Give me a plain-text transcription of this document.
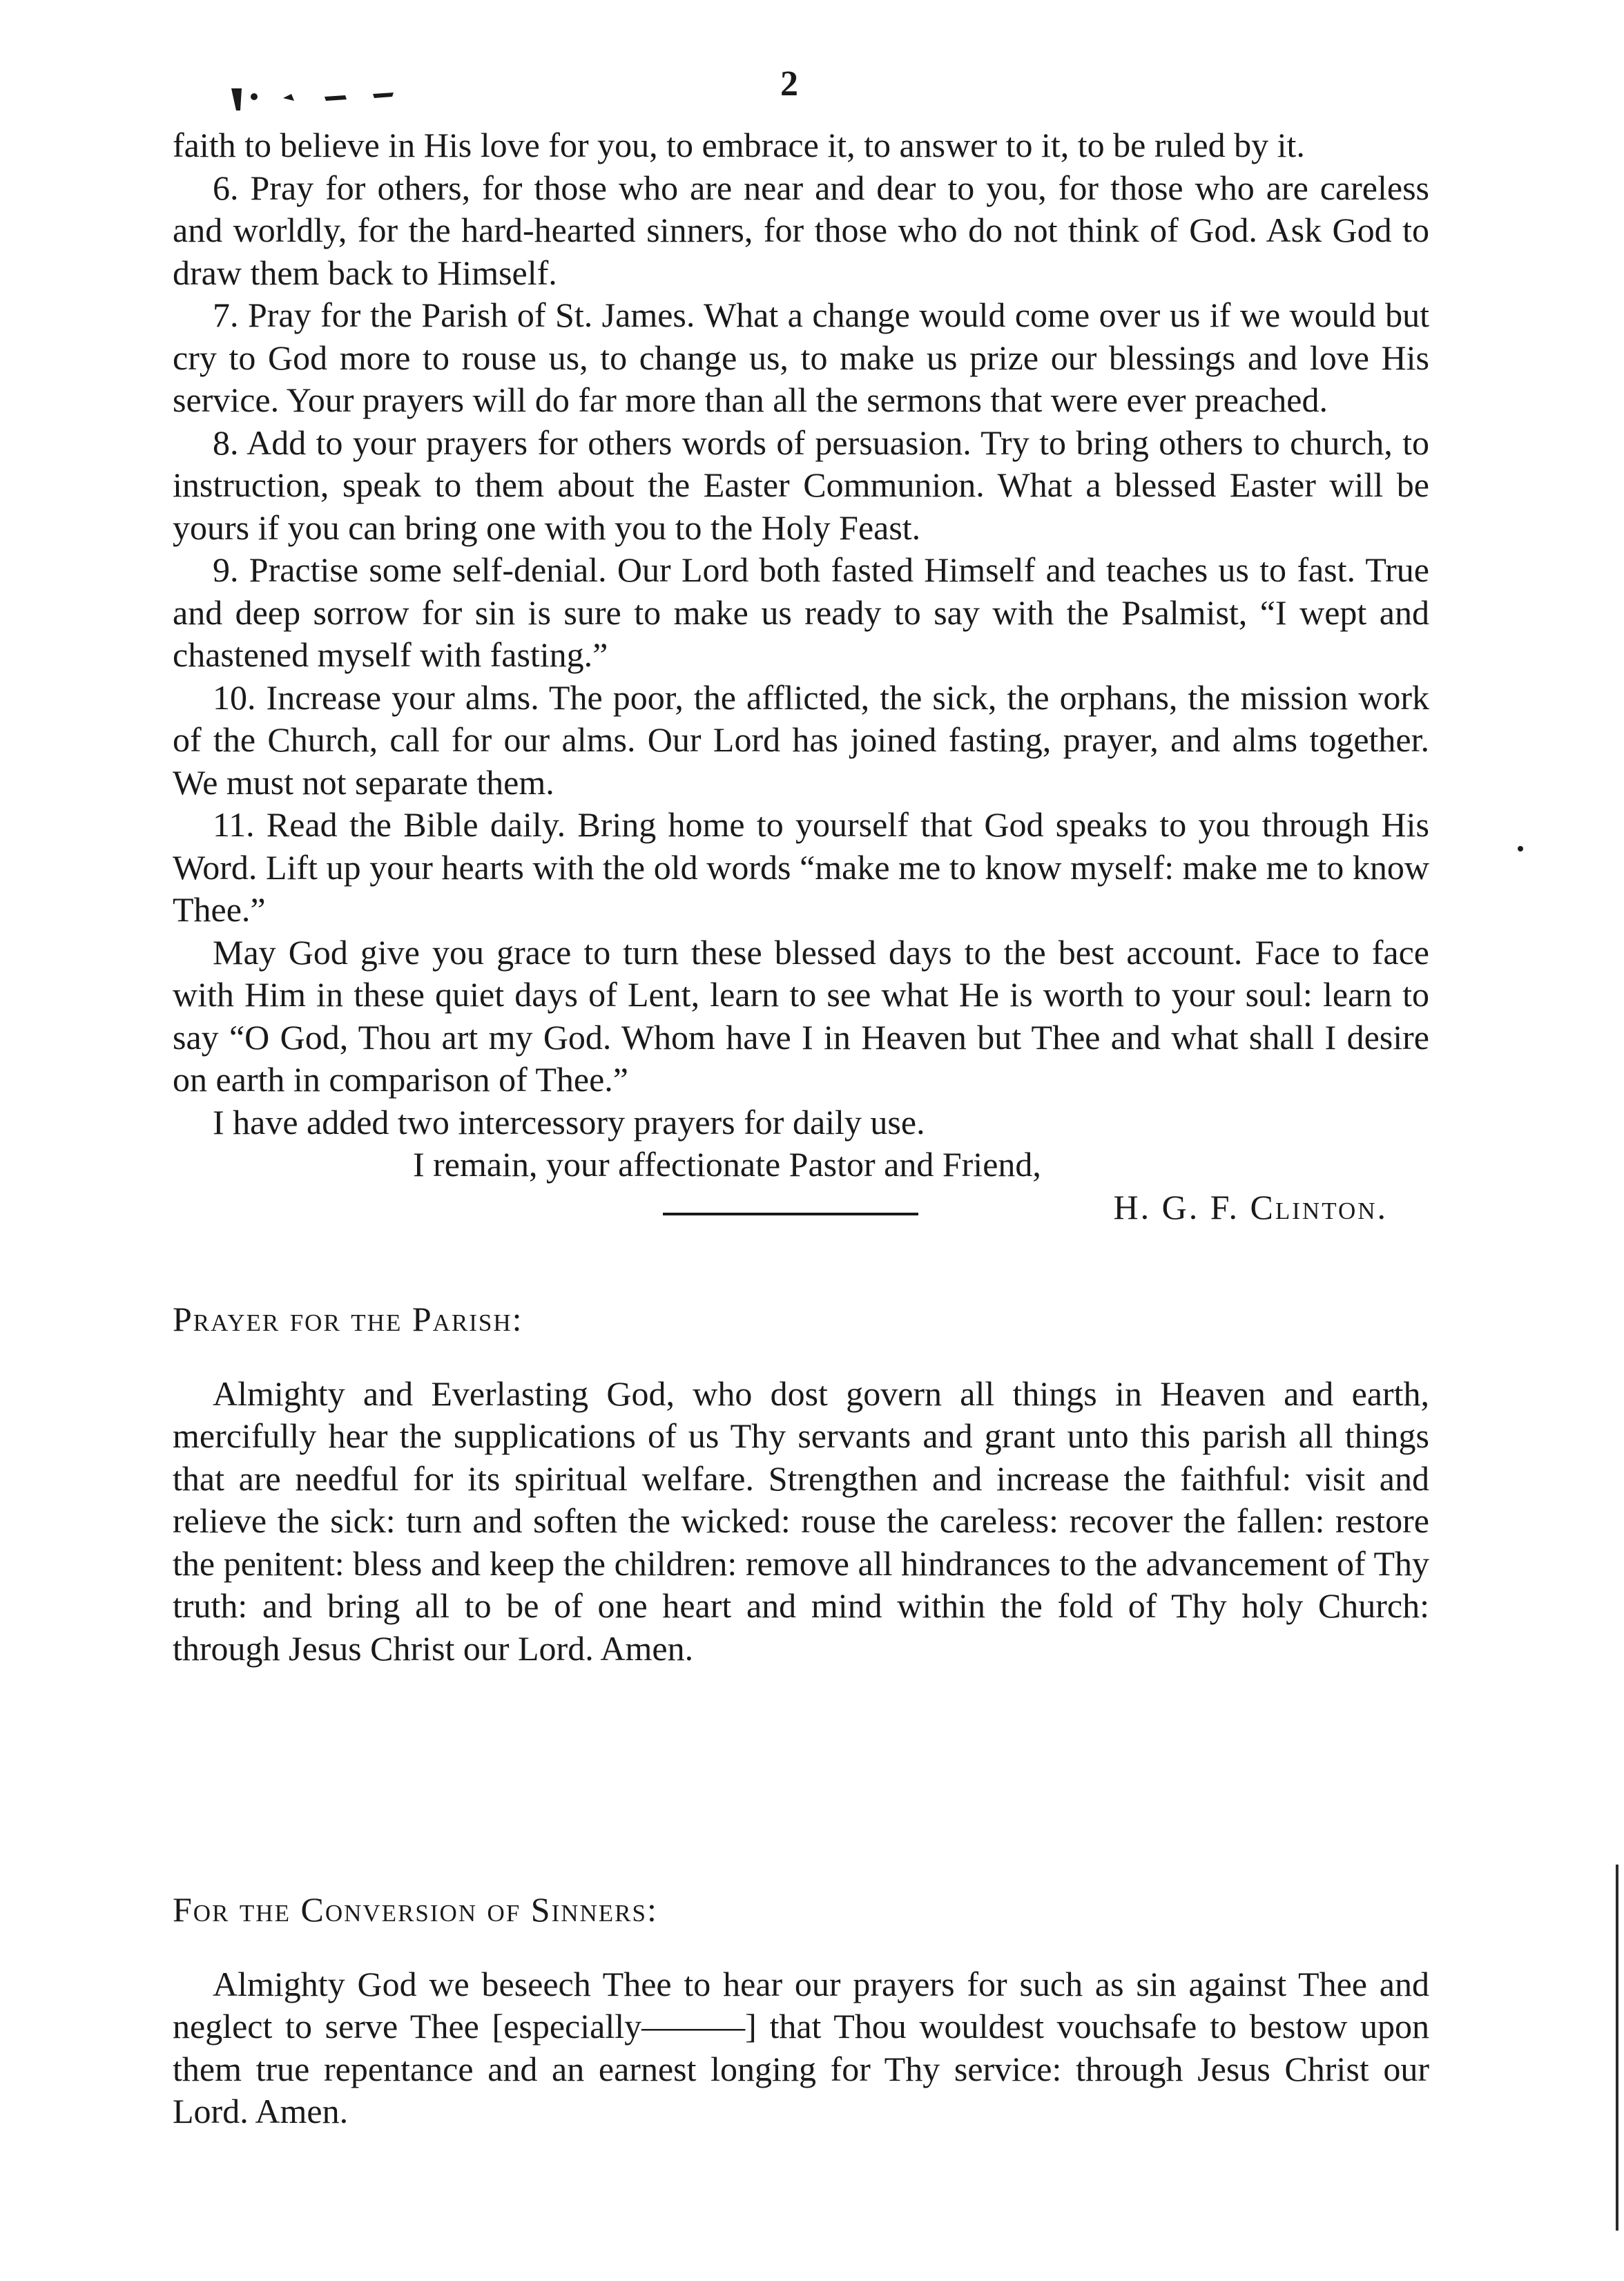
2

faith to believe in His love for you, to embrace it, to answer to it, to be ruled by it.

6. Pray for others, for those who are near and dear to you, for those who are careless and worldly, for the hard-hearted sinners, for those who do not think of God. Ask God to draw them back to Himself.

7. Pray for the Parish of St. James. What a change would come over us if we would but cry to God more to rouse us, to change us, to make us prize our blessings and love His service. Your prayers will do far more than all the sermons that were ever preached.

8. Add to your prayers for others words of persuasion. Try to bring others to church, to instruction, speak to them about the Easter Communion. What a blessed Easter will be yours if you can bring one with you to the Holy Feast.

9. Practise some self-denial. Our Lord both fasted Himself and teaches us to fast. True and deep sorrow for sin is sure to make us ready to say with the Psalmist, “I wept and chastened myself with fasting.”

10. Increase your alms. The poor, the afflicted, the sick, the orphans, the mission work of the Church, call for our alms. Our Lord has joined fasting, prayer, and alms together. We must not separate them.

11. Read the Bible daily. Bring home to yourself that God speaks to you through His Word. Lift up your hearts with the old words “make me to know myself: make me to know Thee.”

May God give you grace to turn these blessed days to the best account. Face to face with Him in these quiet days of Lent, learn to see what He is worth to your soul: learn to say “O God, Thou art my God. Whom have I in Heaven but Thee and what shall I desire on earth in comparison of Thee.”

I have added two intercessory prayers for daily use.

I remain, your affectionate Pastor and Friend,

H. G. F. Clinton.

Prayer for the Parish:

Almighty and Everlasting God, who dost govern all things in Heaven and earth, mercifully hear the supplications of us Thy servants and grant unto this parish all things that are needful for its spiritual welfare. Strengthen and increase the faithful: visit and relieve the sick: turn and soften the wicked: rouse the careless: recover the fallen: restore the penitent: bless and keep the children: remove all hindrances to the advancement of Thy truth: and bring all to be of one heart and mind within the fold of Thy holy Church: through Jesus Christ our Lord. Amen.

For the Conversion of Sinners:

Almighty God we beseech Thee to hear our prayers for such as sin against Thee and neglect to serve Thee [especially———] that Thou wouldest vouchsafe to bestow upon them true repentance and an earnest longing for Thy service: through Jesus Christ our Lord. Amen.
